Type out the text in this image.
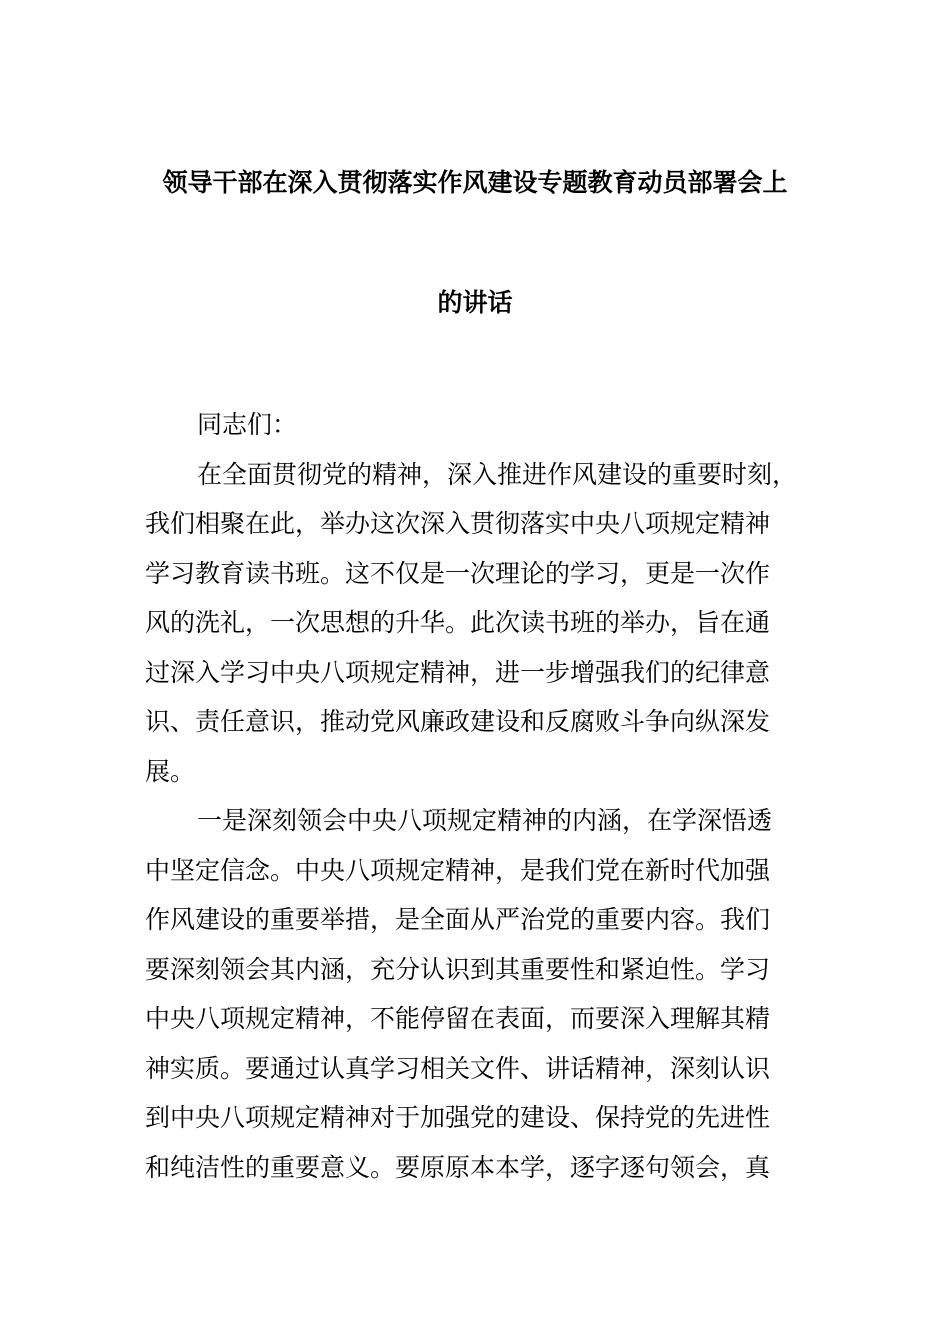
领导干部在深入贯彻落实作风建设专题教育动员部署会上
的讲话
同志们：
在全面贯彻党的精神，深入推进作风建设的重要时刻，
我们相聚在此，举办这次深入贯彻落实中央八项规定精神
学习教育读书班。这不仅是一次理论的学习，更是一次作
风的洗礼，一次思想的升华。此次读书班的举办，旨在通
过深入学习中央八项规定精神，进一步增强我们的纪律意
识、责任意识，推动党风廉政建设和反腐败斗争向纵深发
展。
一是深刻领会中央八项规定精神的内涵，在学深悟透
中坚定信念。中央八项规定精神，是我们党在新时代加强
作风建设的重要举措，是全面从严治党的重要内容。我们
要深刻领会其内涵，充分认识到其重要性和紧迫性。学习
中央八项规定精神，不能停留在表面，而要深入理解其精
神实质。要通过认真学习相关文件、讲话精神，深刻认识
到中央八项规定精神对于加强党的建设、保持党的先进性
和纯洁性的重要意义。要原原本本学，逐字逐句领会，真
